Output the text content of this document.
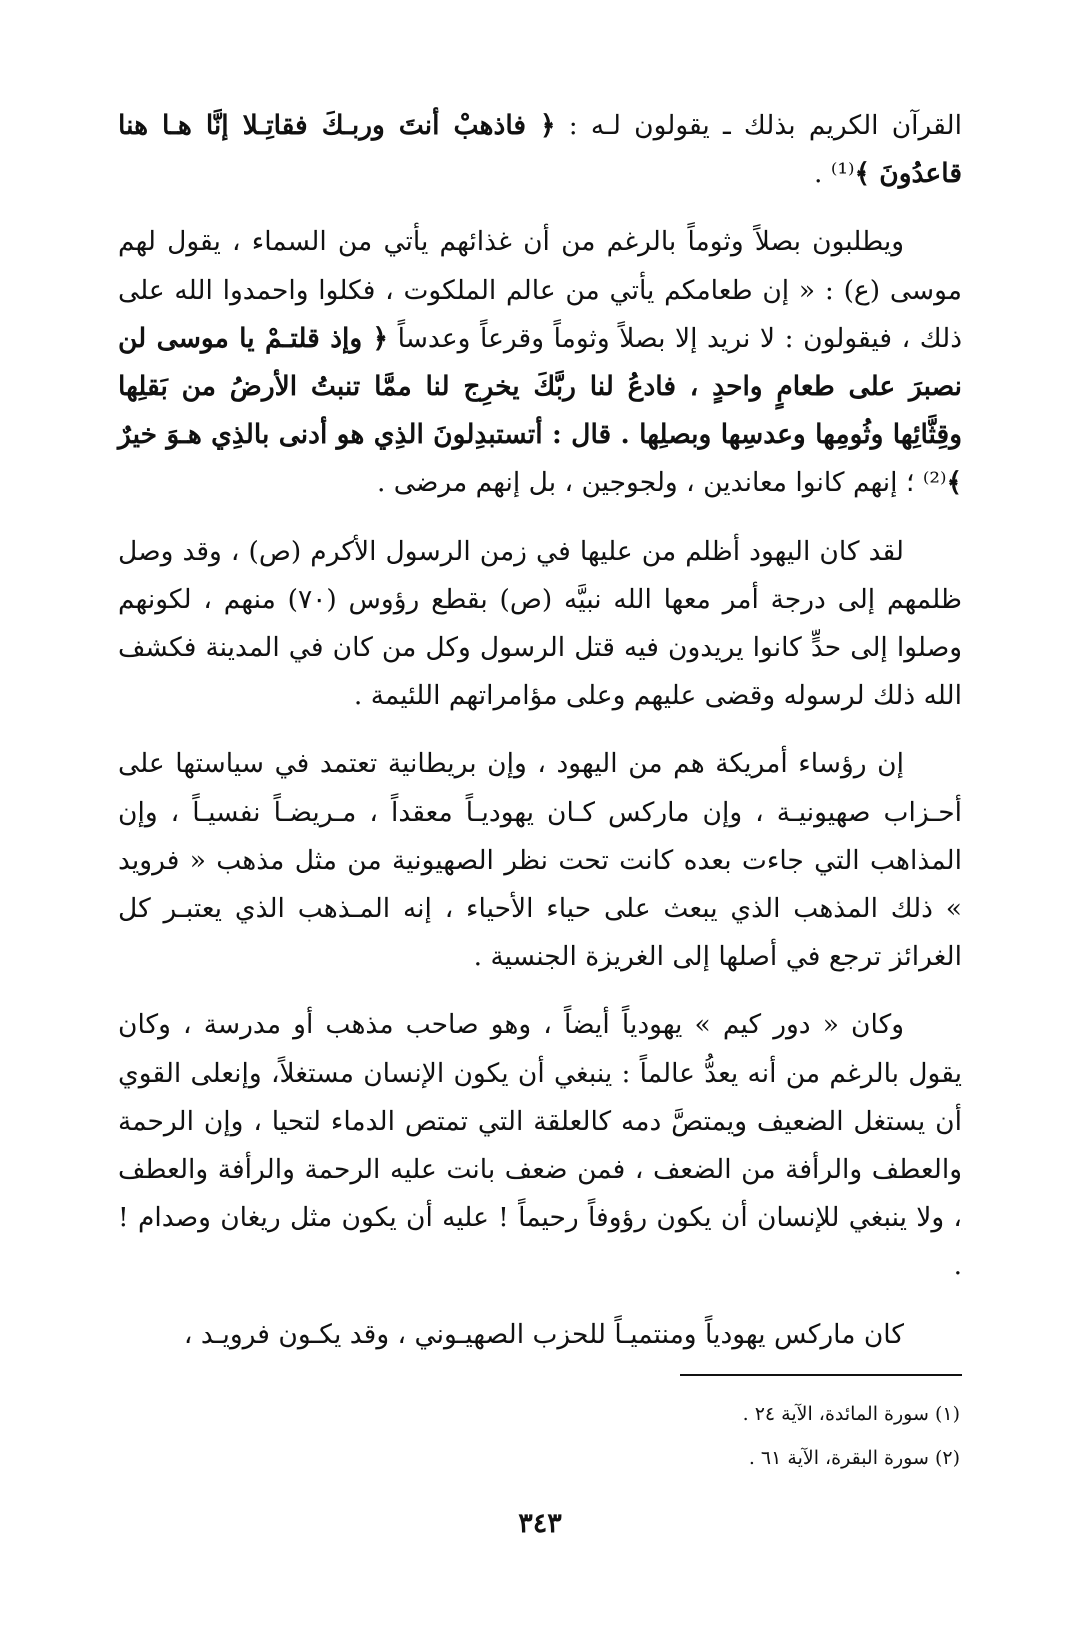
القرآن الكريم بذلك ـ يقولون لـه : ﴿ فاذهبْ أنتَ وربـكَ فقاتِـلا إنَّا هـا هنا قاعدُونَ ﴾⁽¹⁾ .

ويطلبون بصلاً وثوماً بالرغم من أن غذائهم يأتي من السماء ، يقول لهم موسى (ع) : « إن طعامكم يأتي من عالم الملكوت ، فكلوا واحمدوا الله على ذلك ، فيقولون : لا نريد إلا بصلاً وثوماً وقرعاً وعدساً ﴿ وإذ قلتـمْ يا موسى لن نصبرَ على طعامٍ واحدٍ ، فادعُ لنا ربَّكَ يخرِج لنا ممَّا تنبتُ الأرضُ من بَقلِها وقِثَّائِها وثُومِها وعدسِها وبصلِها . قال : أتستبدِلونَ الذِي هو أدنى بالذِي هـوَ خيرٌ ﴾⁽²⁾ ؛ إنهم كانوا معاندين ، ولجوجين ، بل إنهم مرضى .

لقد كان اليهود أظلم من عليها في زمن الرسول الأكرم (ص) ، وقد وصل ظلمهم إلى درجة أمر معها الله نبيَّه (ص) بقطع رؤوس (٧٠) منهم ، لكونهم وصلوا إلى حدٍّ كانوا يريدون فيه قتل الرسول وكل من كان في المدينة فكشف الله ذلك لرسوله وقضى عليهم وعلى مؤامراتهم اللئيمة .

إن رؤساء أمريكة هم من اليهود ، وإن بريطانية تعتمد في سياستها على أحـزاب صهيونيـة ، وإن ماركس كـان يهوديـاً معقداً ، مـريضـاً نفسيـاً ، وإن المذاهب التي جاءت بعده كانت تحت نظر الصهيونية من مثل مذهب « فرويد » ذلك المذهب الذي يبعث على حياء الأحياء ، إنه المـذهب الذي يعتبـر كل الغرائز ترجع في أصلها إلى الغريزة الجنسية .

وكان « دور كيم » يهودياً أيضاً ، وهو صاحب مذهب أو مدرسة ، وكان يقول بالرغم من أنه يعدُّ عالماً : ينبغي أن يكون الإنسان مستغلاً، وإنعلى القوي أن يستغل الضعيف ويمتصَّ دمه كالعلقة التي تمتص الدماء لتحيا ، وإن الرحمة والعطف والرأفة من الضعف ، فمن ضعف بانت عليه الرحمة والرأفة والعطف ، ولا ينبغي للإنسان أن يكون رؤوفاً رحيماً ! عليه أن يكون مثل ريغان وصدام ! .

كان ماركس يهودياً ومنتميـاً للحزب الصهيـوني ، وقد يكـون فرويـد ،

(١) سورة المائدة، الآية ٢٤ .

(٢) سورة البقرة، الآية ٦١ .

٣٤٣
